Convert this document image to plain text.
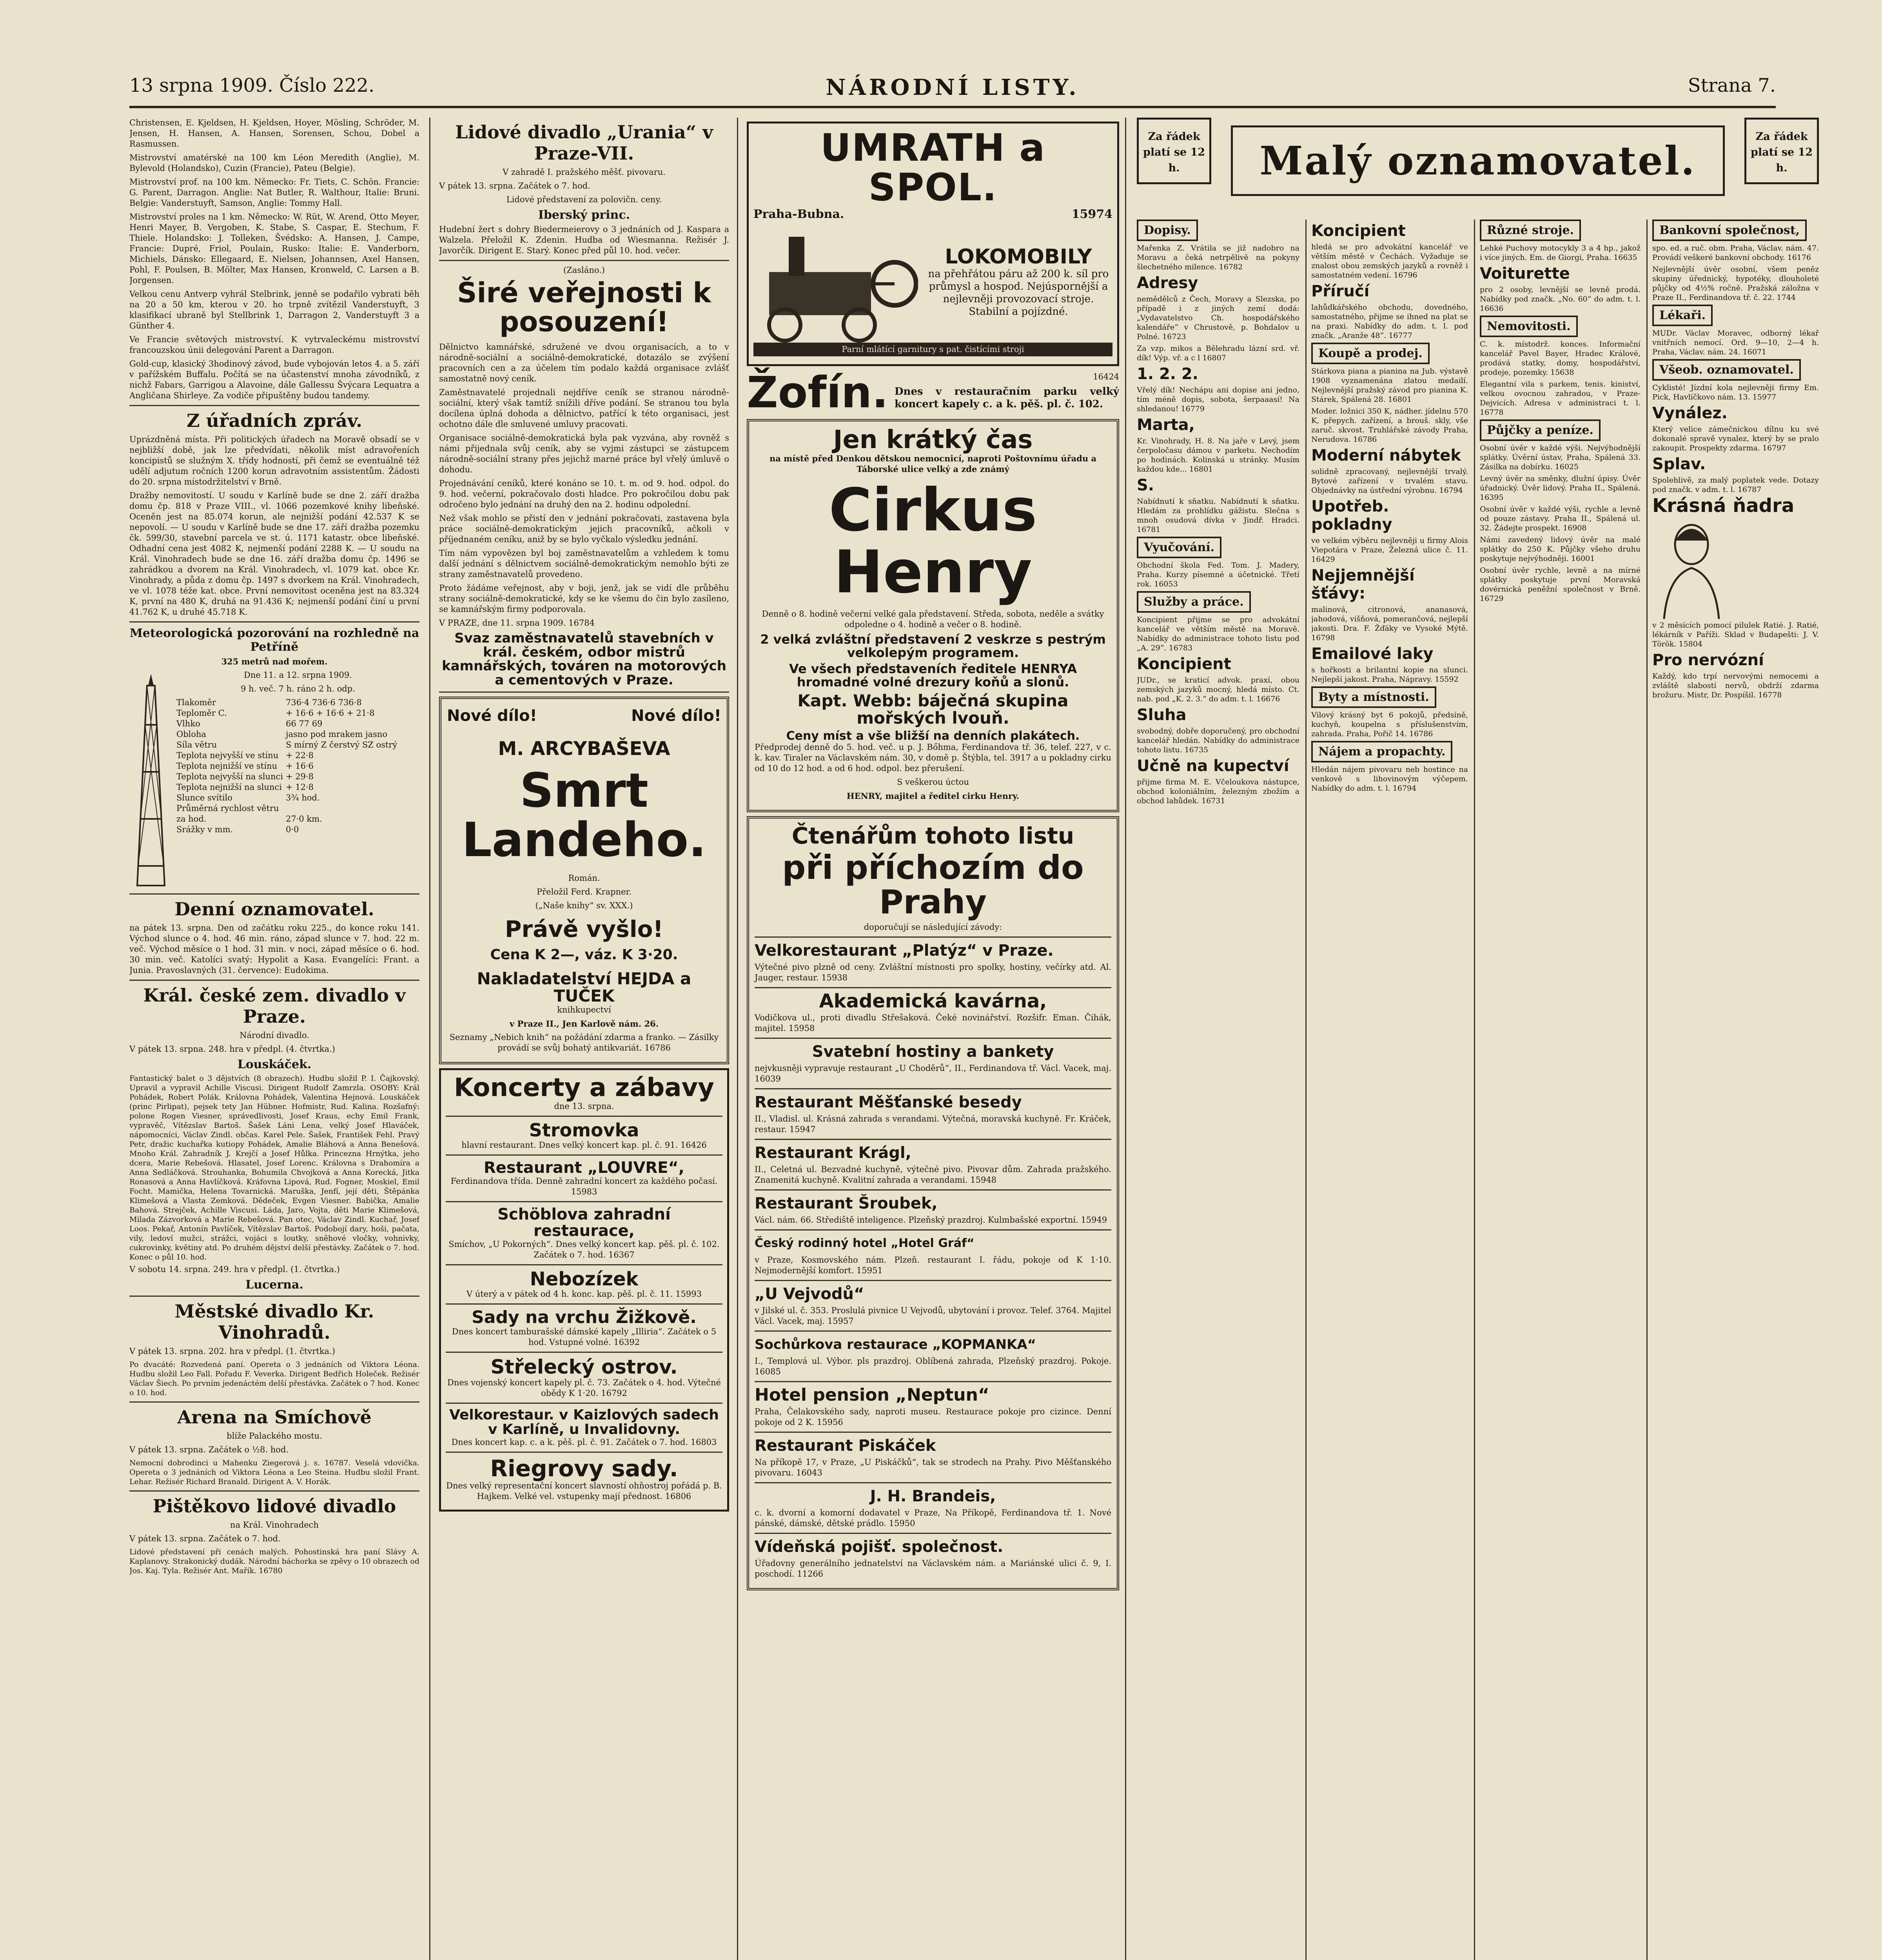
13 srpna 1909. Číslo 222.	NÁRODNÍ LISTY.	Strana 7.

Christensen, E. Kjeldsen, H. Kjeldsen, Hoyer, Mösling, Schröder, M. Jensen, H. Hansen, A. Hansen, Sorensen, Schou, Dobel a Rasmussen.

Mistrovství amatérské na 100 km Léon Meredith (Anglie), M. Bylevold (Holandsko), Cuzin (Francie), Pateu (Belgie).

Mistrovství prof. na 100 km. Německo: Fr. Tiets, C. Schön. Francie: G. Parent, Darragon. Anglie: Nat Butler, R. Walthour, Italie: Bruni. Belgie: Vanderstuyft, Samson, Anglie: Tommy Hall.

Mistrovství proles na 1 km. Německo: W. Rüt, W. Arend, Otto Meyer, Henri Mayer, B. Vergoben, K. Stabe, S. Caspar, E. Stechum, F. Thiele. Holandsko: J. Tolleken, Švédsko: A. Hansen, J. Campe, Francie: Dupré, Friol, Poulain, Rusko: Italie: E. Vanderborn, Michiels, Dánsko: Ellegaard, E. Nielsen, Johannsen, Axel Hansen, Pohl, F. Poulsen, B. Mölter, Max Hansen, Kronweld, C. Larsen a B. Jorgensen.

Velkou cenu Antverp vyhrál Stelbrink, jenně se podařilo vybrati běh na 20 a 50 km, kterou v 20. ho trpně zvítězil Vanderstuyft, 3 klasifikací ubraně byl Stellbrink 1, Darragon 2, Vanderstuyft 3 a Günther 4.

Ve Francie světových mistrovství. K vytrvaleckému mistrovství francouzskou únii delegování Parent a Darragon.

Gold-cup, klasický 3hodinový závod, bude vybojován letos 4. a 5. září v pařížském Buffalu. Počítá se na účastenství mnoha závodníků, z nichž Fabars, Garrigou a Alavoine, dále Gallessu Švýcara Lequatra a Angličana Shirleye. Za vodiče připuštěny budou tandemy.

Z úřadních zpráv.

Uprázdněná místa. Při politických úřadech na Moravě obsadí se v nejbližší době, jak lze předvídati, několik míst adravořeních koncipistů se služným X. třídy hodností, při čemž se eventuálně též udělí adjutum ročních 1200 korun adravotním assistentům. Žádosti do 20. srpna místodržitelství v Brně.

Dražby nemovitostí. U soudu v Karlíně bude se dne 2. září dražba domu čp. 818 v Praze VIII., vl. 1066 pozemkové knihy libeňské. Oceněn jest na 85.074 korun, ale nejnižší podání 42.537 K se nepovolí. — U soudu v Karlíně bude se dne 17. září dražba pozemku čk. 599/30, stavební parcela ve st. ú. 1171 katastr. obce libeňské. Odhadní cena jest 4082 K, nejmenší podání 2288 K. — U soudu na Král. Vinohradech bude se dne 16. září dražba domu čp. 1496 se zahrádkou a dvorem na Král. Vinohradech, vl. 1079 kat. obce Kr. Vinohrady, a půda z domu čp. 1497 s dvorkem na Král. Vinohradech, ve vl. 1078 téže kat. obce. První nemovitost oceněna jest na 83.324 K, první na 480 K, druhá na 91.436 K; nejmenší podání činí u první 41.762 K, u druhé 45.718 K.

Meteorologická pozorování na rozhledně na Petříně
325 metrů nad mořem.
Dne 11. a 12. srpna 1909.
9 h. več. 7 h. ráno 2 h. odp.
Tlakoměr	736·4 736·6 736·8
Teploměr C.	+ 16·6 + 16·6 + 21·8
Vlhko	66 77 69
Obloha	jasno pod mrakem jasno
Síla větru	S mírný Z čerstvý SZ ostrý
Teplota nejvyšší ve stínu + 22·8
Teplota nejnižší ve stínu + 16·6
Teplota nejvyšší na slunci + 29·8
Teplota nejnižší na slunci + 12·8
Slunce svítilo	3¾ hod.
Průměrná rychlost větru za hod.	27·0 km.
Srážky v mm.	0·0
Denní oznamovatel.

na pátek 13. srpna. Den od začátku roku 225., do konce roku 141. Východ slunce o 4. hod. 46 min. ráno, západ slunce v 7. hod. 22 m. več. Východ měsíce o 1 hod. 31 min. v noci, západ měsíce o 6. hod. 30 min. več. Katolíci svatý: Hypolit a Kasa. Evangelíci: Frant. a Junia. Pravoslavných (31. července): Eudokima.

Král. české zem. divadlo v Praze.
Národní divadlo.
V pátek 13. srpna. 248. hra v předpl. (4. čtvrtka.)
Louskáček.

Fantastický balet o 3 dějstvích (8 obrazech). Hudbu složil P. I. Čajkovský. Upravil a vypravil Achille Viscusi. Dirigent Rudolf Zamrzla. OSOBY: Král Pohádek, Robert Polák. Královna Pohádek, Valentina Hejnová. Louskáček (princ Pirlipat), pejsek tety Jan Hübner. Hofmistr, Rud. Kalina. Rozšafný: polone Rogen Viesner, správedlivosti, Josef Kraus, echy Emil Frank, vypravěč, Vítězslav Bartoš. Šašek Láni Lena, velký Josef Hlaváček, nápomocníci, Václav Zindl. občas. Karel Pele. Šašek, František Fehl. Pravý Petr, dražic kuchařka kutiopy Pohádek, Amalie Bláhová a Anna Benešová. Mnoho Král. Zahradník J. Krejčí a Josef Hůlka. Princezna Hrnýtka, jeho dcera, Marie Rebešová. Hlasatel, Josef Lorenc. Královna s Drahomíra a Anna Sedláčková. Strouhanka, Bohumila Chvojková a Anna Korecká, Jitka Ronasová a Anna Havlíčková. Kráfovna Lipová, Rud. Fogner, Moskiel, Emil Focht. Mamička, Helena Tovarnická. Maruška, Jenfí, její děti, Štěpánka Klimešová a Vlasta Zemková. Dědeček, Evgen Viesner. Babička, Amalie Bahová. Strejček, Achille Viscusi. Láda, Jaro, Vojta, děti Marie Klimešová, Milada Zázvorková a Marie Rebešová. Pan otec, Václav Zindl. Kuchař, Josef Loos. Pekař, Antonín Pavlíček, Vítězslav Bartoš. Podobojí dary, hoši, pačata, vily, ledoví mužci, strážci, vojáci s loutky, sněhové vločky, vohnivky, cukrovinky, květiny atd. Po druhém dějství delší přestávky. Začátek o 7. hod. Konec o půl 10. hod.

V sobotu 14. srpna. 249. hra v předpl. (1. čtvrtka.)
Lucerna.
Městské divadlo Kr. Vinohradů.
V pátek 13. srpna. 202. hra v předpl. (1. čtvrtka.)

Po dvacáté: Rozvedená paní. Opereta o 3 jednáních od Viktora Léona. Hudbu složil Leo Fall. Pořadu F. Veverka. Dirigent Bedřich Holeček. Režisér Václav Šiech. Po prvním jedenáctém delší přestávka. Začátek o 7 hod. Konec o 10. hod.

Arena na Smíchově
blíže Palackého mostu.
V pátek 13. srpna. Začátek o ½8. hod.

Nemocní dobrodinci u Mahenku Ziegerová j. s. 16787. Veselá vdovička. Opereta o 3 jednáních od Viktora Léona a Leo Steina. Hudbu složil Frant. Lehar. Režisér Richard Branald. Dirigent A. V. Horák.

Pištěkovo lidové divadlo
na Král. Vinohradech
V pátek 13. srpna. Začátek o 7. hod.

Lidové představení při cenách malých. Pohostinská hra paní Slávy A. Kaplanovy. Strakonický dudák. Národní báchorka se zpěvy o 10 obrazech od Jos. Kaj. Tyla. Režisér Ant. Mařík. 16780

Lidové divadlo „Urania“ v Praze-VII.
V zahradě I. pražského měšť. pivovaru.
V pátek 13. srpna. Začátek o 7. hod.
Lidové představení za polovičn. ceny.
Iberský princ.

Hudební žert s dohry Biedermeierovy o 3 jednáních od J. Kaspara a Walzela. Přeložil K. Zdenin. Hudba od Wiesmanna. Režisér J. Javorčík. Dirigent E. Starý. Konec před půl 10. hod. večer.

(Zasláno.)
Širé veřejnosti k posouzení!

Dělnictvo kamnářské, sdružené ve dvou organisacích, a to v národně-sociální a sociálně-demokratické, dotazálo se zvýšení pracovních cen a za účelem tím podalo každá organisace zvlášť samostatně nový ceník.

Zaměstnavatelé projednali nejdříve ceník se stranou národně-sociální, který však tamtíž snížili dříve podání. Se stranou tou byla docílena úplná dohoda a dělnictvo, patřící k této organisaci, jest ochotno dále dle smluvené umluvy pracovati.

Organisace sociálně-demokratická byla pak vyzvána, aby rovněž s námi přijednala svůj ceník, aby se vyjmi zástupci se zástupcem národně-sociální strany přes jejichž marné práce byl vřelý úmluvě o dohodu.

Projednávání ceníků, které konáno se 10. t. m. od 9. hod. odpol. do 9. hod. večerní, pokračovalo dosti hladce. Pro pokročilou dobu pak odročeno bylo jednání na druhý den na 2. hodinu odpolední.

Než však mohlo se přistí den v jednání pokračovati, zastavena byla práce sociálně-demokratickým jejich pracovníků, ačkoli v příjednaném ceníku, aniž by se bylo vyčkalo výsledku jednání.

Tím nám vypovězen byl boj zaměstnavatelům a vzhledem k tomu další jednání s dělnictvem sociálně-demokratickým nemohlo býti ze strany zaměstnavatelů provedeno.

Proto žádáme veřejnost, aby v boji, jenž, jak se vidí dle průběhu strany sociálně-demokratické, kdy se ke všemu do čin bylo zasíleno, se kamnářským firmy podporovala.

V PRAZE, dne 11. srpna 1909. 16784

Svaz zaměstnavatelů stavebních v král. českém, odbor mistrů kamnářských, továren na motorových a cementových v Praze.
Nové dílo!	Nové dílo!
M. ARCYBAŠEVA
Smrt Landeho.
Román.
Přeložil Ferd. Krapner.
(„Naše knihy“ sv. XXX.)
Právě vyšlo!
Cena K 2—, váz. K 3·20.
Nakladatelství HEJDA a TUČEK
knihkupectví
v Praze II., Jen Karlově nám. 26.

Seznamy „Nebich knih“ na požádání zdarma a franko. — Zásilky provádí se svůj bohatý antikvariát. 16786

Koncerty a zábavy
dne 13. srpna.
Stromovka

hlavní restaurant. Dnes velký koncert kap. pl. č. 91. 16426

Restaurant „LOUVRE“,

Ferdinandova třída. Denně zahradní koncert za každého počasí. 15983

Schöblova zahradní restaurace,

Smíchov, „U Pokorných“. Dnes velký koncert kap. pěš. pl. č. 102. Začátek o 7. hod. 16367

Nebozízek

V úterý a v pátek od 4 h. konc. kap. pěš. pl. č. 11. 15993

Sady na vrchu Žižkově.

Dnes koncert tamburašské dámské kapely „Illiria“. Začátek o 5 hod. Vstupné volné. 16392

Střelecký ostrov.

Dnes vojenský koncert kapely pl. č. 73. Začátek o 4. hod. Výtečné obědy K 1·20. 16792

Velkorestaur. v Kaizlových sadech v Karlíně, u Invalidovny.

Dnes koncert kap. c. a k. pěš. pl. č. 91. Začátek o 7. hod. 16803

Riegrovy sady.

Dnes velký representační koncert slavností ohňostroj pořádá p. B. Hajkem. Velké vel. vstupenky mají přednost. 16806

UMRATH a SPOL.
Praha-Bubna.	15974
LOKOMOBILY

na přehřátou páru až 200 k. síl pro průmysl a hospod. Nejúspornější a nejlevněji provozovací stroje. Stabilní a pojízdné.

Parní mlátící garnitury s pat. čistícími stroji
Žofín.	16424

Dnes v restauračním parku velký koncert kapely c. a k. pěš. pl. č. 102.

Jen krátký čas

na místě před Denkou dětskou nemocnicí, naproti Poštovnímu úřadu a Táborské ulice velký a zde známý

Cirkus Henry

Denně o 8. hodině večerní velké gala představení. Středa, sobota, neděle a svátky odpoledne o 4. hodině a večer o 8. hodině.

2 velká zvláštní představení 2 veskrze s pestrým velkolepým programem.
Ve všech představeních ředitele HENRYA hromadné volné drezury koňů a slonů.
Kapt. Webb: báječná skupina mořských lvouň.
Ceny míst a vše bližší na denních plakátech.

Předprodej denně do 5. hod. več. u p. J. Bőhma, Ferdinandova tř. 36, telef. 227, v c. k. kav. Tiraler na Václavském nám. 30, v domě p. Štýbla, tel. 3917 a u pokladny cirku od 10 do 12 hod. a od 6 hod. odpol. bez přerušení.

S veškerou úctou
HENRY, majitel a ředitel cirku Henry.
Čtenářům tohoto listu
při příchozím do Prahy
doporučují se následující závody:
Velkorestaurant „Platýz“ v Praze.

Výtečné pivo plzně od ceny. Zvláštní místnosti pro spolky, hostiny, večírky atd. Al. Jauger, restaur. 15938

Akademická kavárna,

Vodičkova ul., proti divadlu Střešaková. Čeké novinářství. Rozšifr. Eman. Čihák, majitel. 15958

Svatební hostiny a bankety

nejvkusněji vypravuje restaurant „U Choděrů“, II., Ferdinandova tř. Václ. Vacek, maj. 16039

Restaurant Měšťanské besedy

II., Vladisl. ul. Krásná zahrada s verandami. Výtečná, moravská kuchyně. Fr. Kráček, restaur. 15947

Restaurant Krágl,

II., Celetná ul. Bezvadné kuchyně, výtečné pivo. Pivovar dům. Zahrada pražského. Znamenitá kuchyně. Kvalitní zahrada a verandami. 15948

Restaurant Šroubek,

Václ. nám. 66. Střediště inteligence. Plzeňský prazdroj. Kulmbašské exportní. 15949

Český rodinný hotel „Hotel Gráf“

v Praze, Kosmovského nám. Plzeň. restaurant I. řádu, pokoje od K 1·10. Nejmodernější komfort. 15951

„U Vejvodů“

v Jilské ul. č. 353. Proslulá pivnice U Vejvodů, ubytování i provoz. Telef. 3764. Majitel Václ. Vacek, maj. 15957

Sochůrkova restaurace „KOPMANKA“

I., Templová ul. Výbor. pls prazdroj. Oblíbená zahrada, Plzeňský prazdroj. Pokoje. 16085

Hotel pension „Neptun“

Praha, Čelakovského sady, naproti museu. Restaurace pokoje pro cizince. Denní pokoje od 2 K. 15956

Restaurant Piskáček

Na příkopě 17, v Praze, „U Piskáčků“, tak se strodech na Prahy. Pivo Měšťanského pivovaru. 16043

J. H. Brandeis,

c. k. dvorní a komorní dodavatel v Praze, Na Příkopě, Ferdinandova tř. 1. Nové pánské, dámské, dětské prádlo. 15950

Vídeňská pojišť. společnost.

Úřadovny generálního jednatelství na Václavském nám. a Mariánské ulici č. 9, I. poschodí. 11266

Za řádek platí se 12 h.	Malý oznamovatel.
Za řádek platí se 12 h.
Dopisy.

Mařenka Z. Vrátila se již nadobro na Moravu a čeká netrpělivě na pokyny šlechetného milence. 16782

Adresy

nemědělců z Čech, Moravy a Slezska, po případě i z jiných zemí dodá: „Vydavatelstvo Ch. hospodářského kalendáře“ v Chrustově, p. Bohdalov u Polné. 16723

Za vzp. mikos a Bělehradu lázní srd. vř. dík! Výp. vř. a c l 16807

1. 2. 2.

Vřelý dík! Nechápu ani dopise ani jedno, tím méně dopis, sobota, šerpaaasí! Na shledanou! 16779

Marta,

Kr. Vinohrady, H. 8. Na jaře v Levý, jsem čerpoločasu dámou v parketu. Nechodím po hodinách. Kolinská u stránky. Musím každou kde... 16801

S.

Nabídnutí k sňatku. Nabídnutí k sňatku. Hledám za prohlídku gážistu. Slečna s mnoh osudová dívka v Jindř. Hradci. 16781

Vyučování.

Obchodní škola Fed. Tom. J. Madery, Praha. Kurzy písemné a účetnické. Třetí rok. 16053

Služby a práce.

Koncipient přijme se pro advokátní kancelář ve větším městě na Moravě. Nabídky do administrace tohoto listu pod „A. 29“. 16783

Koncipient

JUDr., se kraticí advok. praxí, obou zemských jazyků mocný, hledá místo. Ct. nab. pod „K. 2. 3.“ do adm. t. l. 16676

Sluha

svobodný, dobře doporučený, pro obchodní kancelář hledán. Nabídky do administrace tohoto listu. 16735

Učně na kupectví

přijme firma M. E. Včeloukova nástupce, obchod koloniálním, železným zbožím a obchod lahůdek. 16731

Koncipient

hledá se pro advokátní kancelář ve větším městě v Čechách. Vyžaduje se znalost obou zemských jazyků a rovněž i samostatném vedení. 16796

Příručí

lahůdkářského obchodu, dovedného, samostatného, přijme se ihned na plat se na praxi. Nabídky do adm. t. l. pod značk. „Aranže 48“. 16777

Koupě a prodej.

Stárkova piana a pianina na Jub. výstavě 1908 vyznamenána zlatou medailí. Nejlevnější pražský závod pro pianina K. Stárek, Spálená 28. 16801

Moder. ložnici 350 K, nádher. jídelnu 570 K, přepych. zařízení, a brouš. skly, vše zaruč. skvost. Truhlářské závody Praha, Nerudova. 16786

Moderní nábytek

solidně zpracovaný, nejlevnější trvalý. Bytové zařízení v trvalém stavu. Objednávky na ústřední výrobnu. 16794

Upotřeb. pokladny

ve velkém výběru nejlevněji u firmy Alois Viepotára v Praze, Železná ulice č. 11. 16429

Nejjemnější šťávy:

malinová, citronová, ananasová, jahodová, višňová, pomerančová, nejlepší jakosti. Dra. F. Žďáky ve Vysoké Mýtě. 16798

Emailové laky

s hořkosti a brilantní kopie na slunci. Nejlepší jakost. Praha, Nápravy. 15592

Byty a místnosti.

Vilový krásný byt 6 pokojů, předsíně, kuchyň, koupelna s příslušenstvím, zahrada. Praha, Pořič 14. 16786

Nájem a propachty.

Hledán nájem pivovaru neb hostince na venkově s lihovinovým výčepem. Nabídky do adm. t. l. 16794

Různé stroje.

Lehké Puchovy motocykly 3 a 4 hp., jakož i více jiných. Em. de Giorgi, Praha. 16635

Voiturette

pro 2 osoby, levnější se levně prodá. Nabídky pod značk. „No. 60“ do adm. t. l. 16636

Nemovitosti.

C. k. místodrž. konces. Informační kancelář Pavel Bayer, Hradec Králové, prodává statky, domy, hospodářství, prodeje, pozemky. 15638

Elegantní vila s parkem, tenis. kiniství, velkou ovocnou zahradou, v Praze-Dejvicích. Adresa v administraci t. l. 16778

Půjčky a peníze.

Osobní úvěr v každé výši. Nejvýhodnější splátky. Úvěrní ústav, Praha, Spálená 33. Zásilka na dobírku. 16025

Levný úvěr na směnky, dlužní úpisy. Úvěr úřadnický. Úvěr lidový. Praha II., Spálená. 16395

Osobní úvěr v každé výši, rychle a levně od pouze zástavy. Praha II., Spálená ul. 32. Žádejte prospekt. 16908

Námi zavedený lidový úvěr na malé splátky do 250 K. Půjčky všeho druhu poskytuje nejvýhodněji. 16001

Osobní úvěr rychle, levně a na mírné splátky poskytuje první Moravská dovérnická peněžní společnost v Brně. 16729

Bankovní společnost,

spo. ed. a ruč. obm. Praha, Václav. nám. 47. Provádí veškeré bankovní obchody. 16176

Nejlevnější úvěr osobní, všem peněz skupiny úřednický, hypotéky, dlouholeté půjčky od 4½% ročně. Pražská záložna v Praze II., Ferdinandova tř. č. 22. 1744

Lékaři.

MUDr. Václav Moravec, odborný lékař vnitřních nemocí. Ord. 9—10, 2—4 h. Praha, Václav. nám. 24. 16071

Všeob. oznamovatel.

Cyklisté! Jízdní kola nejlevněji firmy Em. Pick, Havlíčkovo nám. 13. 15977

Vynález.

Který velice zámečnickou dílnu ku své dokonalé spravě vynalez, který by se pralo zakoupit. Prospekty zdarma. 16797

Splav.

Spolehlivě, za malý poplatek vede. Dotazy pod značk. v adm. t. l. 16787

Krásná ňadra

v 2 měsících pomocí pilulek Ratié. J. Ratié, lékárník v Paříži. Sklad v Budapešti: J. V. Török. 15804

Pro nervózní

Každý, kdo trpí nervovými nemocemi a zvláště slabostí nervů, obdrží zdarma brožuru. Mistr, Dr. Pospíšil. 16778
